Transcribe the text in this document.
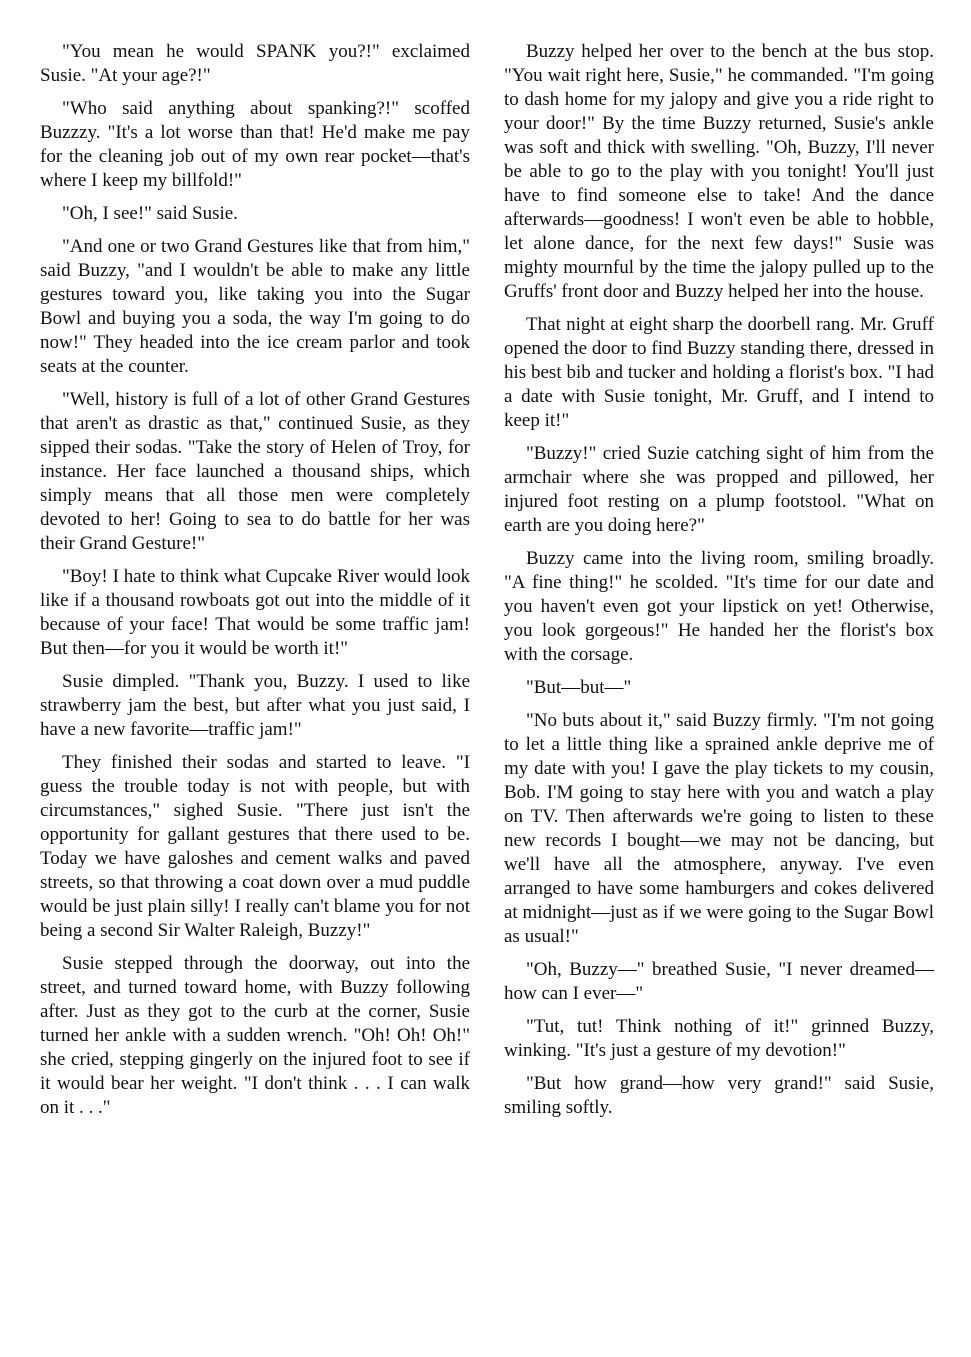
"You mean he would SPANK you?!" exclaimed Susie. "At your age?!"

"Who said anything about spanking?!" scoffed Buzzzy. "It's a lot worse than that! He'd make me pay for the cleaning job out of my own rear pocket—that's where I keep my billfold!"

"Oh, I see!" said Susie.

"And one or two Grand Gestures like that from him," said Buzzy, "and I wouldn't be able to make any little gestures toward you, like taking you into the Sugar Bowl and buying you a soda, the way I'm going to do now!" They headed into the ice cream parlor and took seats at the counter.

"Well, history is full of a lot of other Grand Gestures that aren't as drastic as that," continued Susie, as they sipped their sodas. "Take the story of Helen of Troy, for instance. Her face launched a thousand ships, which simply means that all those men were completely devoted to her! Going to sea to do battle for her was their Grand Gesture!"

"Boy! I hate to think what Cupcake River would look like if a thousand rowboats got out into the middle of it because of your face! That would be some traffic jam! But then—for you it would be worth it!"

Susie dimpled. "Thank you, Buzzy. I used to like strawberry jam the best, but after what you just said, I have a new favorite—traffic jam!"

They finished their sodas and started to leave. "I guess the trouble today is not with people, but with circumstances," sighed Susie. "There just isn't the opportunity for gallant gestures that there used to be. Today we have galoshes and cement walks and paved streets, so that throwing a coat down over a mud puddle would be just plain silly! I really can't blame you for not being a second Sir Walter Raleigh, Buzzy!"

Susie stepped through the doorway, out into the street, and turned toward home, with Buzzy following after. Just as they got to the curb at the corner, Susie turned her ankle with a sudden wrench. "Oh! Oh! Oh!" she cried, stepping gingerly on the injured foot to see if it would bear her weight. "I don't think . . . I can walk on it . . ."

Buzzy helped her over to the bench at the bus stop. "You wait right here, Susie," he commanded. "I'm going to dash home for my jalopy and give you a ride right to your door!" By the time Buzzy returned, Susie's ankle was soft and thick with swelling. "Oh, Buzzy, I'll never be able to go to the play with you tonight! You'll just have to find someone else to take! And the dance afterwards—goodness! I won't even be able to hobble, let alone dance, for the next few days!" Susie was mighty mournful by the time the jalopy pulled up to the Gruffs' front door and Buzzy helped her into the house.

That night at eight sharp the doorbell rang. Mr. Gruff opened the door to find Buzzy standing there, dressed in his best bib and tucker and holding a florist's box. "I had a date with Susie tonight, Mr. Gruff, and I intend to keep it!"

"Buzzy!" cried Suzie catching sight of him from the armchair where she was propped and pillowed, her injured foot resting on a plump footstool. "What on earth are you doing here?"

Buzzy came into the living room, smiling broadly. "A fine thing!" he scolded. "It's time for our date and you haven't even got your lipstick on yet! Otherwise, you look gorgeous!" He handed her the florist's box with the corsage.

"But—but—"

"No buts about it," said Buzzy firmly. "I'm not going to let a little thing like a sprained ankle deprive me of my date with you! I gave the play tickets to my cousin, Bob. I'M going to stay here with you and watch a play on TV. Then afterwards we're going to listen to these new records I bought—we may not be dancing, but we'll have all the atmosphere, anyway. I've even arranged to have some hamburgers and cokes delivered at midnight—just as if we were going to the Sugar Bowl as usual!"

"Oh, Buzzy—" breathed Susie, "I never dreamed—how can I ever—"

"Tut, tut! Think nothing of it!" grinned Buzzy, winking. "It's just a gesture of my devotion!"

"But how grand—how very grand!" said Susie, smiling softly.
